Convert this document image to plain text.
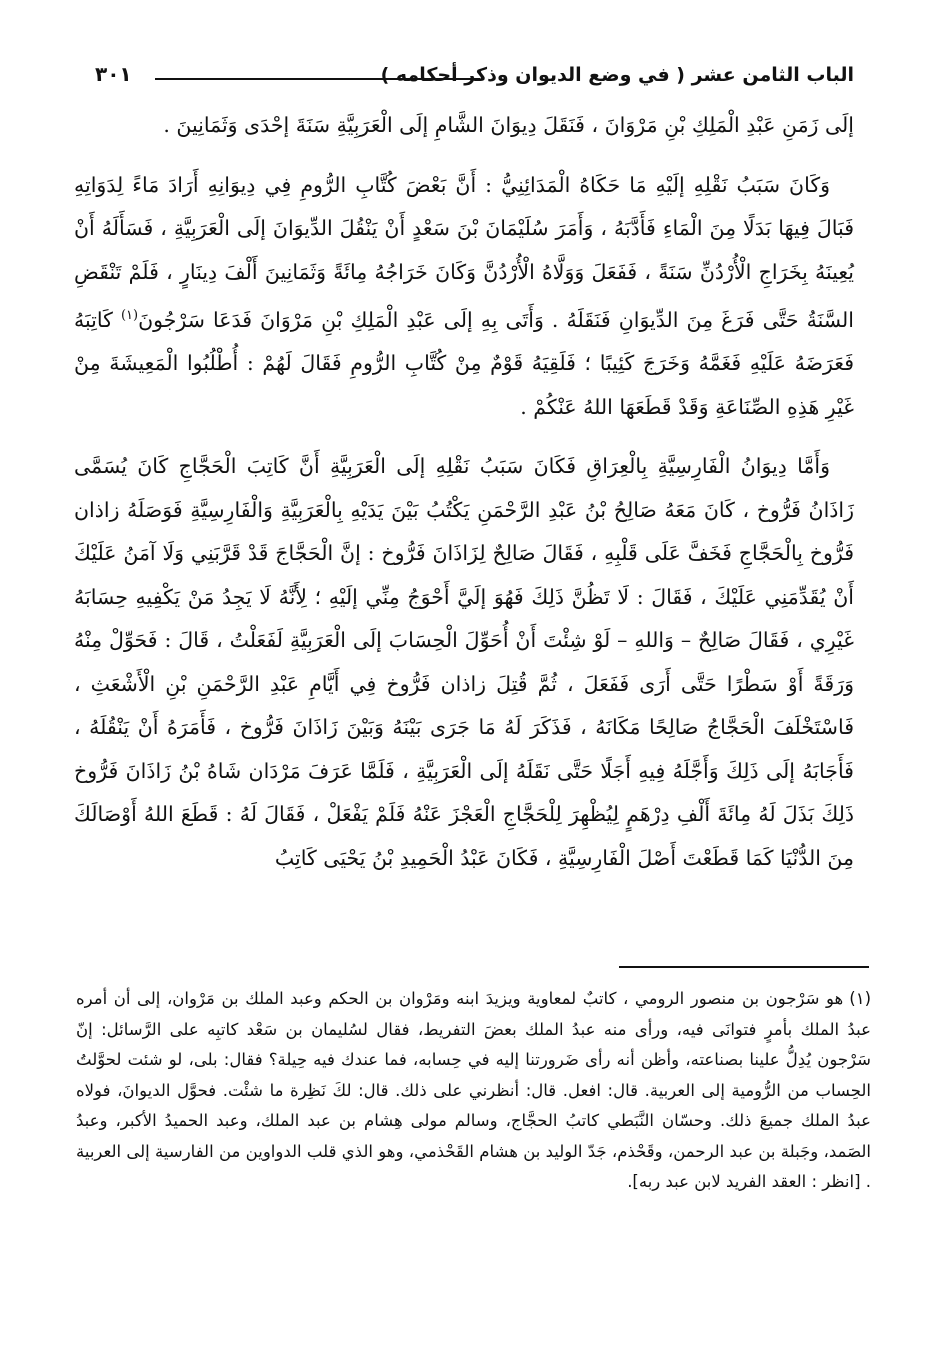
الباب الثامن عشر ( في وضع الديوان وذكر أحكامه )
٣٠١

إلَى زَمَنِ عَبْدِ الْمَلِكِ بْنِ مَرْوَانَ ، فَنَقَلَ دِيوَانَ الشَّامِ إلَى الْعَرَبِيَّةِ سَنَةَ إحْدَى وَثَمَانِينَ .

وَكَانَ سَبَبُ نَقْلِهِ إلَيْهِ مَا حَكَاهُ الْمَدَائِنِيُّ : أَنَّ بَعْضَ كُتَّابِ الرُّومِ فِي دِيوَانِهِ أَرَادَ مَاءً لِدَوَاتِهِ فَبَالَ فِيهَا بَدَلًا مِنَ الْمَاءِ فَأَدَّبَهُ ، وَأَمَرَ سُلَيْمَانَ بْنَ سَعْدٍ أَنْ يَنْقُلَ الدِّيوَانَ إلَى الْعَرَبِيَّةِ ، فَسَأَلَهُ أَنْ يُعِينَهُ بِخَرَاجِ الْأُرْدُنِّ سَنَةً ، فَفَعَلَ وَوَلَّاهُ الْأُرْدُنَّ وَكَانَ خَرَاجُهُ مِائَةً وَثَمَانِينَ أَلْفَ دِينَارٍ ، فَلَمْ تَنْقَضِ السَّنَةُ حَتَّى فَرَغَ مِنَ الدِّيوَانِ فَنَقَلَهُ . وَأَتَى بِهِ إلَى عَبْدِ الْمَلِكِ بْنِ مَرْوَانَ فَدَعَا سَرْجُونَ$^{(١)}$ كَاتِبَهُ فَعَرَضَهُ عَلَيْهِ فَغَمَّهُ وَخَرَجَ كَئِيبًا ؛ فَلَقِيَهُ قَوْمٌ مِنْ كُتَّابِ الرُّومِ فَقَالَ لَهُمْ : أُطْلُبُوا الْمَعِيشَةَ مِنْ غَيْرِ هَذِهِ الصِّنَاعَةِ وَقَدْ قَطَعَهَا اللهُ عَنْكُمْ .

وَأَمَّا دِيوَانُ الْفَارِسِيَّةِ بِالْعِرَاقِ فَكَانَ سَبَبُ نَقْلِهِ إلَى الْعَرَبِيَّةِ أَنَّ كَاتِبَ الْحَجَّاجِ كَانَ يُسَمَّى زَاذَانُ فَرُّوخ ، كَانَ مَعَهُ صَالِحُ بْنُ عَبْدِ الرَّحْمَنِ يَكْتُبُ بَيْنَ يَدَيْهِ بِالْعَرَبِيَّةِ وَالْفَارِسِيَّةِ فَوَصَلَهُ زاذان فَرُّوخ بِالْحَجَّاجِ فَخَفَّ عَلَى قَلْبِهِ ، فَقَالَ صَالِحٌ لِزَاذَانَ فَرُّوخ : إنَّ الْحَجَّاجَ قَدْ قَرَّبَنِي وَلَا آمَنُ عَلَيْكَ أَنْ يُقَدِّمَنِي عَلَيْكَ ، فَقَالَ : لَا تَظُنَّ ذَلِكَ فَهُوَ إلَيَّ أَحْوَجُ مِنِّي إلَيْهِ ؛ لِأَنَّهُ لَا يَجِدُ مَنْ يَكْفِيهِ حِسَابَهُ غَيْرِي ، فَقَالَ صَالِحٌ – وَاللهِ – لَوْ شِئْتَ أَنْ أُحَوِّلَ الْحِسَابَ إلَى الْعَرَبِيَّةِ لَفَعَلْتُ ، قَالَ : فَحَوِّلْ مِنْهُ وَرَقَةً أَوْ سَطْرًا حَتَّى أَرَى فَفَعَلَ ، ثُمَّ قُتِلَ زاذان فَرُّوخ فِي أَيَّامِ عَبْدِ الرَّحْمَنِ بْنِ الْأَشْعَثِ ، فَاسْتَخْلَفَ الْحَجَّاجُ صَالِحًا مَكَانَهُ ، فَذَكَرَ لَهُ مَا جَرَى بَيْنَهُ وَبَيْنَ زَاذَانَ فَرُّوخ ، فَأَمَرَهُ أَنْ يَنْقُلَهُ ، فَأَجَابَهُ إلَى ذَلِكَ وَأَجَّلَهُ فِيهِ أَجَلًا حَتَّى نَقَلَهُ إلَى الْعَرَبِيَّةِ ، فَلَمَّا عَرَفَ مَرْدَان شَاهُ بْنُ زَاذَانَ فَرُّوخ ذَلِكَ بَذَلَ لَهُ مِائَةَ أَلْفِ دِرْهَمٍ لِيُظْهِرَ لِلْحَجَّاجِ الْعَجْزَ عَنْهُ فَلَمْ يَفْعَلْ ، فَقَالَ لَهُ : قَطَعَ اللهُ أَوْصَالَكَ مِنَ الدُّنْيَا كَمَا قَطَعْتَ أَصْلَ الْفَارِسِيَّةِ ، فَكَانَ عَبْدُ الْحَمِيدِ بْنُ يَحْيَى كَاتِبُ

(١)هو سَرْجون بن منصور الرومي ، كاتبٌ لمعاوية ويزيدَ ابنه ومَرْوان بن الحكم وعبد الملك بن مَرْوان، إلى أن أمره عبدُ الملك بأمرٍ فتوانَى فيه، ورأى منه عبدُ الملك بعضَ التفريط، فقال لسُليمان بن سَعْد كاتبِه على الرَّسائل: إنّ سَرْجون يُدِلُّ علينا بصناعته، وأظن أنه رأى ضَرورتنا إليه في حِسابه، فما عندك فيه حِيلة؟ فقال: بلى، لو شئت لحوَّلتُ الحِساب من الرُّومية إلى العربية. قال: افعل. قال: أنظرني على ذلك. قال: لكَ نَظِرة ما شئْت. فحوَّل الديوانَ، فولاه عبدُ الملك جميعَ ذلك. وحسّان النَّبَطي كاتبُ الحجَّاج، وسالم مولى هِشام بن عبد الملك، وعبد الحميدُ الأكبر، وعبدُ الصَمد، وجَبلة بن عبد الرحمن، وقَحْذم، جَدّ الوليد بن هشام القَحْذمي، وهو الذي قلب الدواوين من الفارسية إلى العربية . [انظر : العقد الفريد لابن عبد ربه].
